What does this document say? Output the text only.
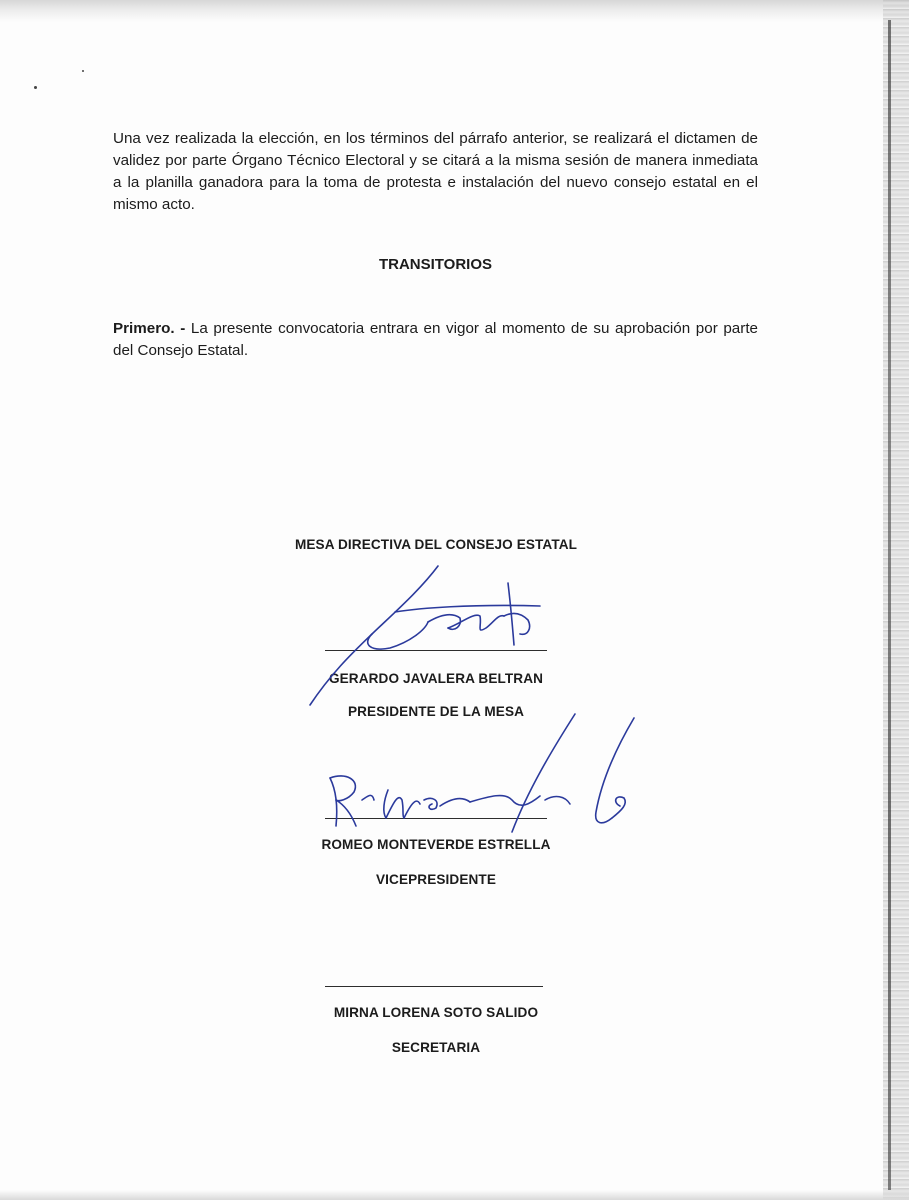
Una vez realizada la elección, en los términos del párrafo anterior, se realizará el dictamen de validez por parte Órgano Técnico Electoral y se citará a la misma sesión de manera inmediata a la planilla ganadora para la toma de protesta e instalación del nuevo consejo estatal en el mismo acto.

TRANSITORIOS

Primero. - La presente convocatoria entrara en vigor al momento de su aprobación por parte del Consejo Estatal.

MESA DIRECTIVA DEL CONSEJO ESTATAL

GERARDO JAVALERA BELTRAN

PRESIDENTE DE LA MESA

ROMEO MONTEVERDE ESTRELLA

VICEPRESIDENTE

MIRNA LORENA SOTO SALIDO

SECRETARIA
